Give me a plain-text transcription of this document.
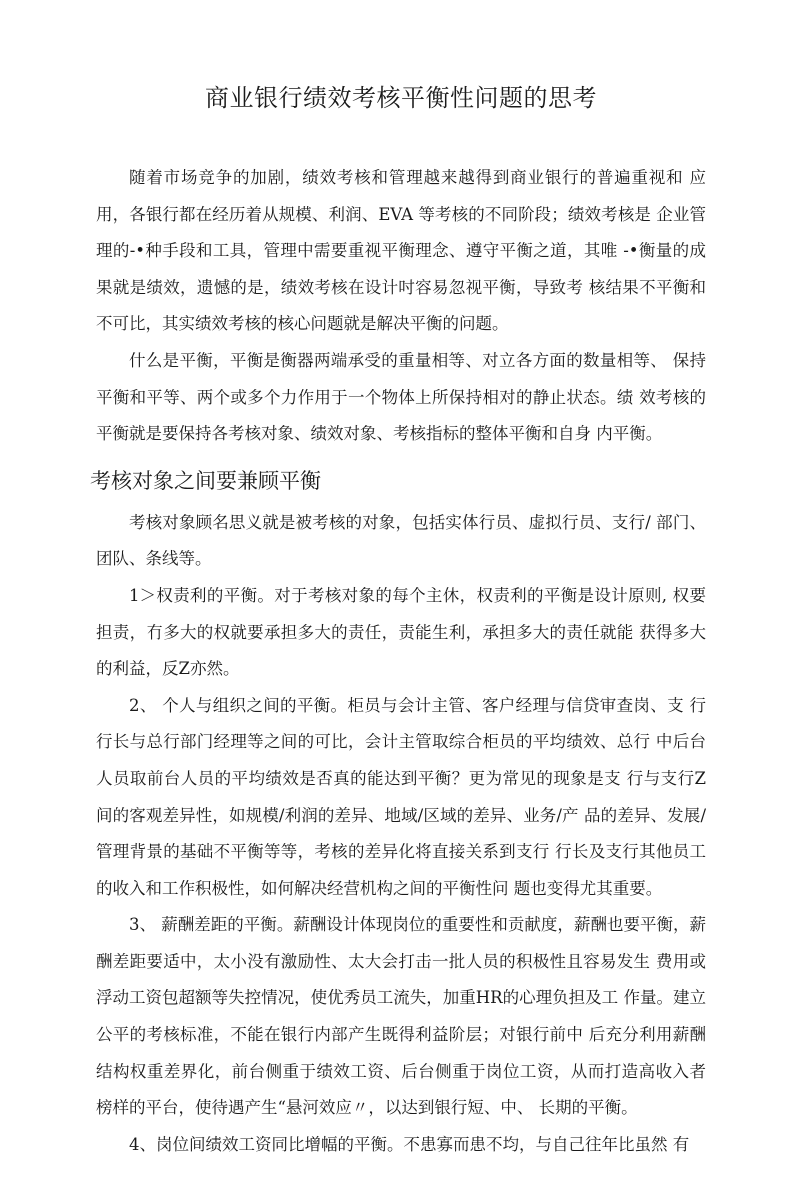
商业银行绩效考核平衡性问题的思考

随着市场竞争的加剧，绩效考核和管理越来越得到商业银行的普遍重视和 应用，各银行都在经历着从规模、利润、EVA 等考核的不同阶段；绩效考核是 企业管理的-•种手段和工具，管理中需要重视平衡理念、遵守平衡之道，其唯 -•衡量的成果就是绩效，遗憾的是，绩效考核在设计吋容易忽视平衡，导致考 核结果不平衡和不可比，其实绩效考核的核心问题就是解决平衡的问题。

什么是平衡，平衡是衡器两端承受的重量相等、对立各方面的数量相等、 保持平衡和平等、两个或多个力作用于一个物体上所保持相对的静止状态。绩 效考核的平衡就是要保持各考核对象、绩效对象、考核指标的整体平衡和自身 内平衡。

考核对象之间要兼顾平衡

考核对象顾名思义就是被考核的对象，包括实体行员、虚拟行员、支行/ 部门、团队、条线等。

1＞权责利的平衡。对于考核对象的每个主休，权责利的平衡是设计原则, 权要担责，冇多大的权就要承担多大的责任，责能生利，承担多大的责任就能 获得多大的利益，反Z亦然。

2、 个人与组织之间的平衡。柜员与会计主管、客户经理与信贷审查岗、支 行行长与总行部门经理等之间的可比，会计主管取综合柜员的平均绩效、总行 中后台人员取前台人员的平均绩效是否真的能达到平衡？更为常见的现象是支 行与支行Z间的客观差异性，如规模/利润的差异、地域/区域的差异、业务/产 品的差异、发展/管理背景的基础不平衡等等，考核的差异化将直接关系到支行 行长及支行其他员工的收入和工作积极性，如何解决经营机构之间的平衡性问 题也变得尤其重要。

3、 薪酬差距的平衡。薪酬设计体现岗位的重要性和贡献度，薪酬也要平衡，薪酬差距要适中，太小没有激励性、太大会打击一批人员的积极性且容易发生 费用或浮动工资包超额等失控情况，使优秀员工流失，加重HR的心理负担及工 作量。建立公平的考核标准，不能在银行内部产生既得利益阶层；对银行前中 后充分利用薪酬结构权重差界化，前台侧重于绩效工资、后台侧重于岗位工资，从而打造高收入者榜样的平台，使待遇产生“悬河效应〃，以达到银行短、中、 长期的平衡。

4、岗位间绩效工资同比增幅的平衡。不患寡而患不均，与自己往年比虽然 有
